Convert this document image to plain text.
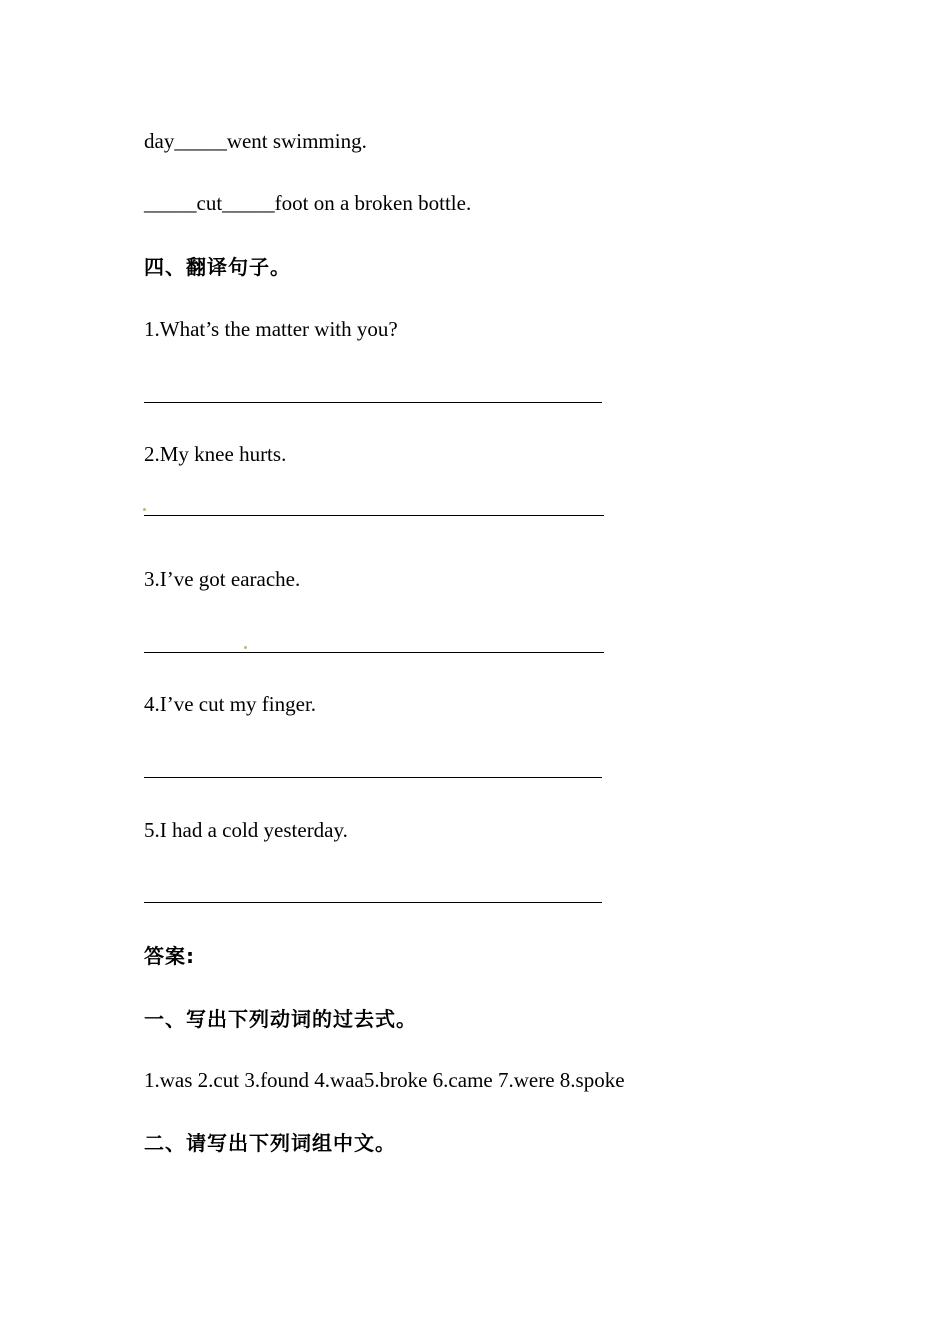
day_____went swimming.
_____cut_____foot on a broken bottle.
四、翻译句子。
1.What’s the matter with you?
2.My knee hurts.
3.I’ve got earache.
4.I’ve cut my finger.
5.I had a cold yesterday.
答案:
一、写出下列动词的过去式。
1.was 2.cut 3.found 4.waa5.broke 6.came 7.were 8.spoke
二、请写出下列词组中文。
